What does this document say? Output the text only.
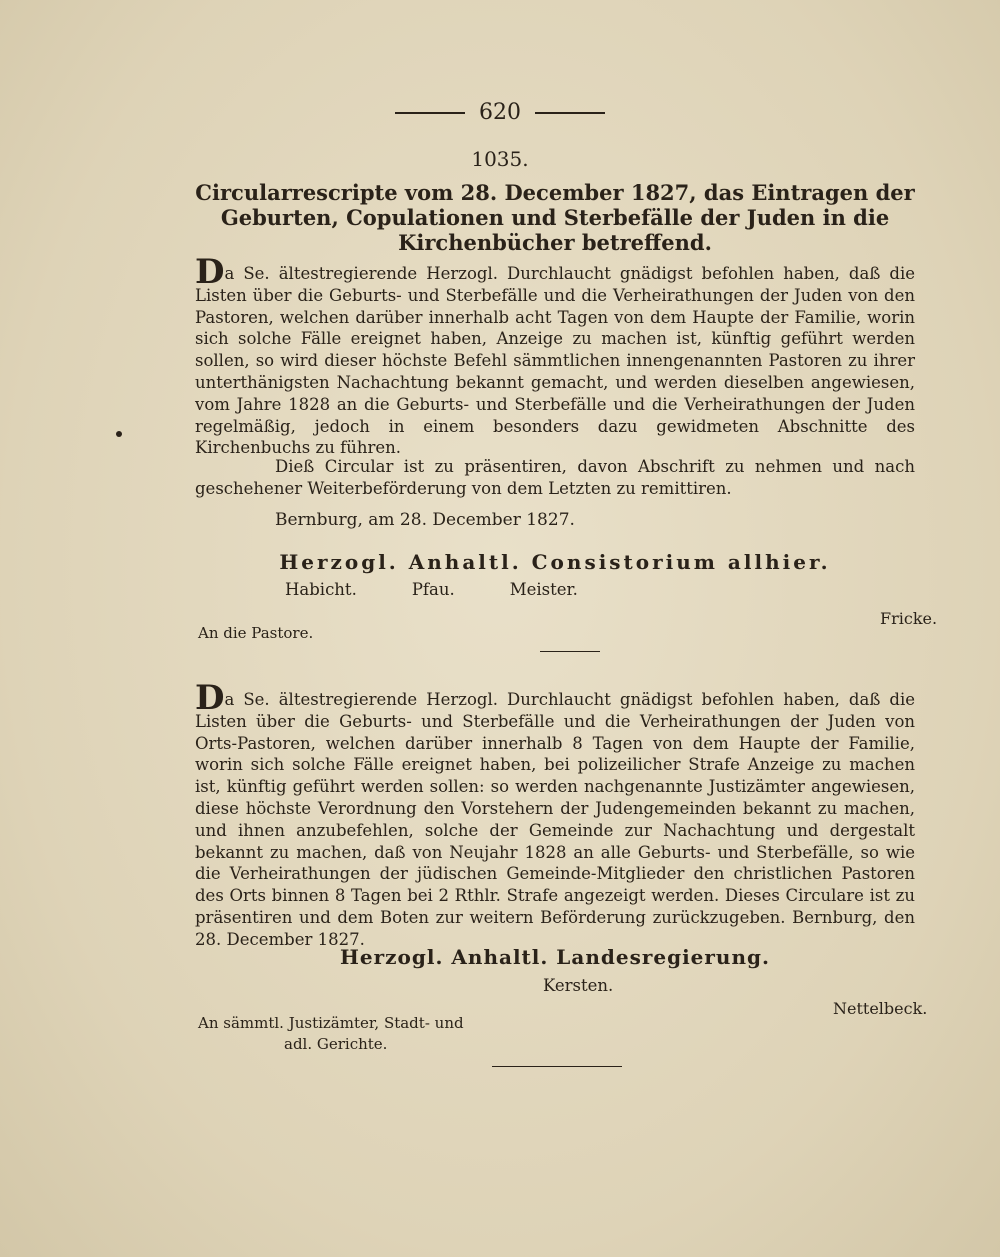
620
1035.
Circularrescripte vom 28. December 1827, das Eintragen der Geburten, Copulationen und Sterbefälle der Juden in die Kirchenbücher betreffend.
Da Se. ältestregierende Herzogl. Durchlaucht gnädigst befohlen haben, daß die Listen über die Geburts- und Sterbefälle und die Verheirathungen der Juden von den Pastoren, welchen darüber innerhalb acht Tagen von dem Haupte der Familie, worin sich solche Fälle ereignet haben, Anzeige zu machen ist, künftig geführt werden sollen, so wird dieser höchste Befehl sämmtlichen innengenannten Pastoren zu ihrer unterthänigsten Nachachtung bekannt gemacht, und werden dieselben angewiesen, vom Jahre 1828 an die Geburts- und Sterbefälle und die Verheirathungen der Juden regelmäßig, jedoch in einem besonders dazu gewidmeten Abschnitte des Kirchenbuchs zu führen.
Dieß Circular ist zu präsentiren, davon Abschrift zu nehmen und nach geschehener Weiterbeförderung von dem Letzten zu remittiren.
Bernburg, am 28. December 1827.
Herzogl. Anhaltl. Consistorium allhier.
Habicht.	Pfau.	Meister.
Fricke.
An die Pastore.
Da Se. ältestregierende Herzogl. Durchlaucht gnädigst befohlen haben, daß die Listen über die Geburts- und Sterbefälle und die Verheirathungen der Juden von Orts-Pastoren, welchen darüber innerhalb 8 Tagen von dem Haupte der Familie, worin sich solche Fälle ereignet haben, bei polizeilicher Strafe Anzeige zu machen ist, künftig geführt werden sollen: so werden nachgenannte Justizämter angewiesen, diese höchste Verordnung den Vorstehern der Judengemeinden bekannt zu machen, und ihnen anzubefehlen, solche der Gemeinde zur Nachachtung und dergestalt bekannt zu machen, daß von Neujahr 1828 an alle Geburts- und Sterbefälle, so wie die Verheirathungen der jüdischen Gemeinde-Mitglieder den christlichen Pastoren des Orts binnen 8 Tagen bei 2 Rthlr. Strafe angezeigt werden. Dieses Circulare ist zu präsentiren und dem Boten zur weitern Beförderung zurückzugeben. Bernburg, den 28. December 1827.
Herzogl. Anhaltl. Landesregierung.
Kersten.
Nettelbeck.
An sämmtl. Justizämter, Stadt- und
adl. Gerichte.
